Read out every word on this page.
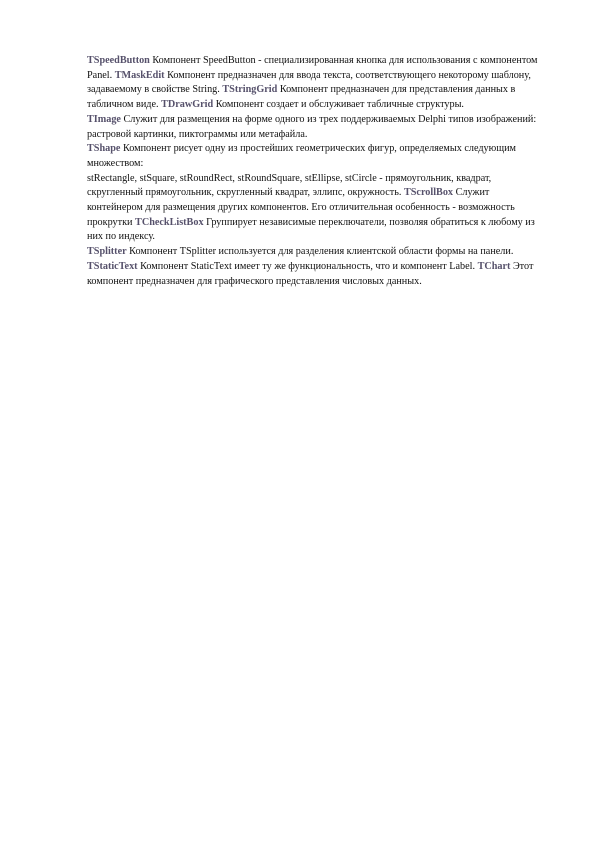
TSpeedButton Компонент SpeedButton - специализированная кнопка для использования с компонентом Panel. TMaskEdit Компонент предназначен для ввода текста, соответствующего некоторому шаблону, задаваемому в свойстве String. TStringGrid Компонент предназначен для представления данных в табличном виде. TDrawGrid Компонент создает и обслуживает табличные структуры.

TImage Служит для размещения на форме одного из трех поддерживаемых Delphi типов изображений: растровой картинки, пиктограммы или метафайла.

TShape Компонент рисует одну из простейших геометрических фигур, определяемых следующим множеством:

stRectangle, stSquare, stRoundRect, stRoundSquare, stEllipse, stCircle - прямоугольник, квадрат, скругленный прямоугольник, скругленный квадрат, эллипс, окружность. TScrollBox Служит контейнером для размещения других компонентов. Его отличительная особенность - возможность прокрутки TCheckListBox Группирует независимые переключатели, позволяя обратиться к любому из них по индексу.

TSplitter Компонент TSplitter используется для разделения клиентской области формы на панели.

TStaticText Компонент StaticText имеет ту же функциональность, что и компонент Label. TChart Этот компонент предназначен для графического представления числовых данных.
